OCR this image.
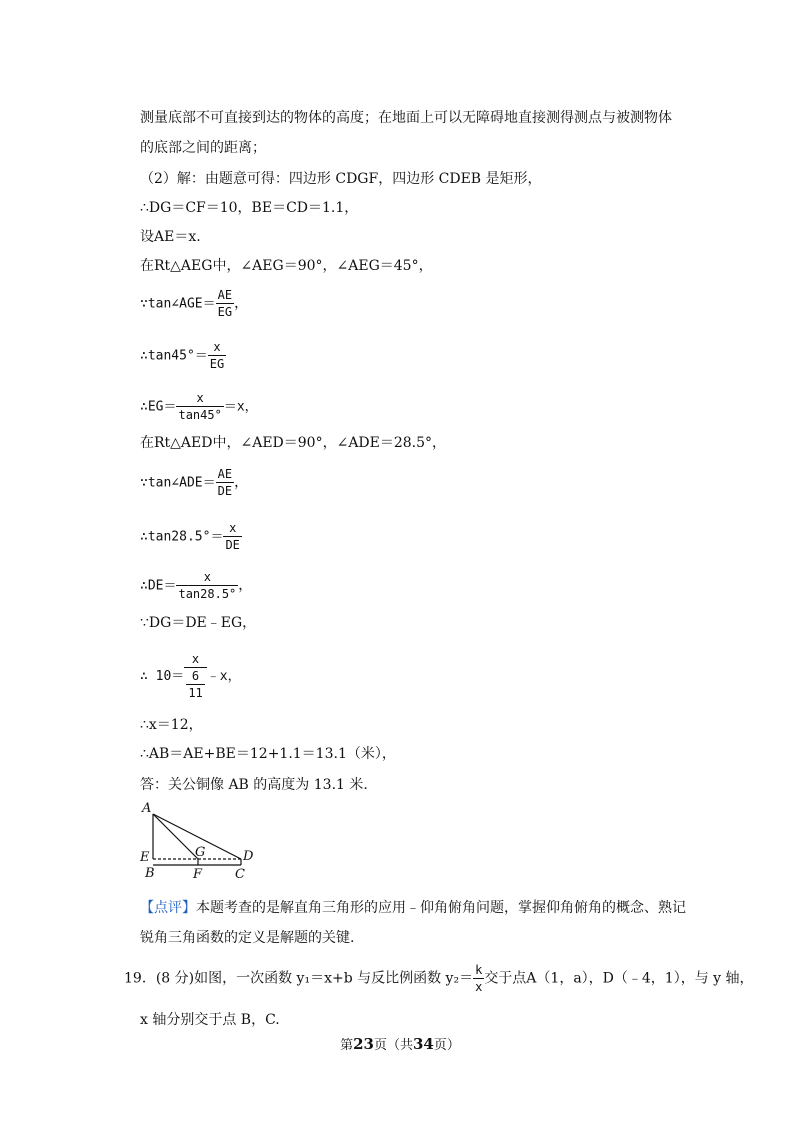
测量底部不可直接到达的物体的高度；在地面上可以无障碍地直接测得测点与被测物体
的底部之间的距离；
（2）解：由题意可得：四边形 CDGF，四边形 CDEB 是矩形，
∴DG＝CF＝10，BE＝CD＝1.1，
设AE＝x.
在Rt△AEG中，∠AEG＝90°，∠AEG＝45°，
∵tan∠AGE＝ $\frac{AE}{EG}$ ，
∴tan45°＝ $\frac{x}{EG}$
∴EG＝ $\frac{x}{\tan 45^\circ} =x$，
在Rt△AED中，∠AED＝90°，∠ADE＝28.5°，
∵tan∠ADE＝ $\frac{AE}{DE}$ ，
∴tan28.5°＝ $\frac{x}{DE}$
∴DE＝ $\frac{x}{\tan 28.5^\circ}$ ，
∵DG＝DE﹣EG，
∴ $10= \frac{x}{\frac{6}{11}}$ ﹣x，
∴x＝12，
∴AB＝AE+BE＝12+1.1＝13.1（米），
答：关公铜像 AB 的高度为 13.1 米.
A
E
B
G
F
D
C
【点评】本题考查的是解直角三角形的应用﹣仰角俯角问题，掌握仰角俯角的概念、熟记
锐角三角函数的定义是解题的关键.
19．(8 分)如图，一次函数 y₁＝x+b 与反比例函数 $y_2= \frac{k}{x}$ 交于点A（1，a），D（﹣4，1），与 y 轴，
x 轴分别交于点 B，C.
第23页（共34页）
